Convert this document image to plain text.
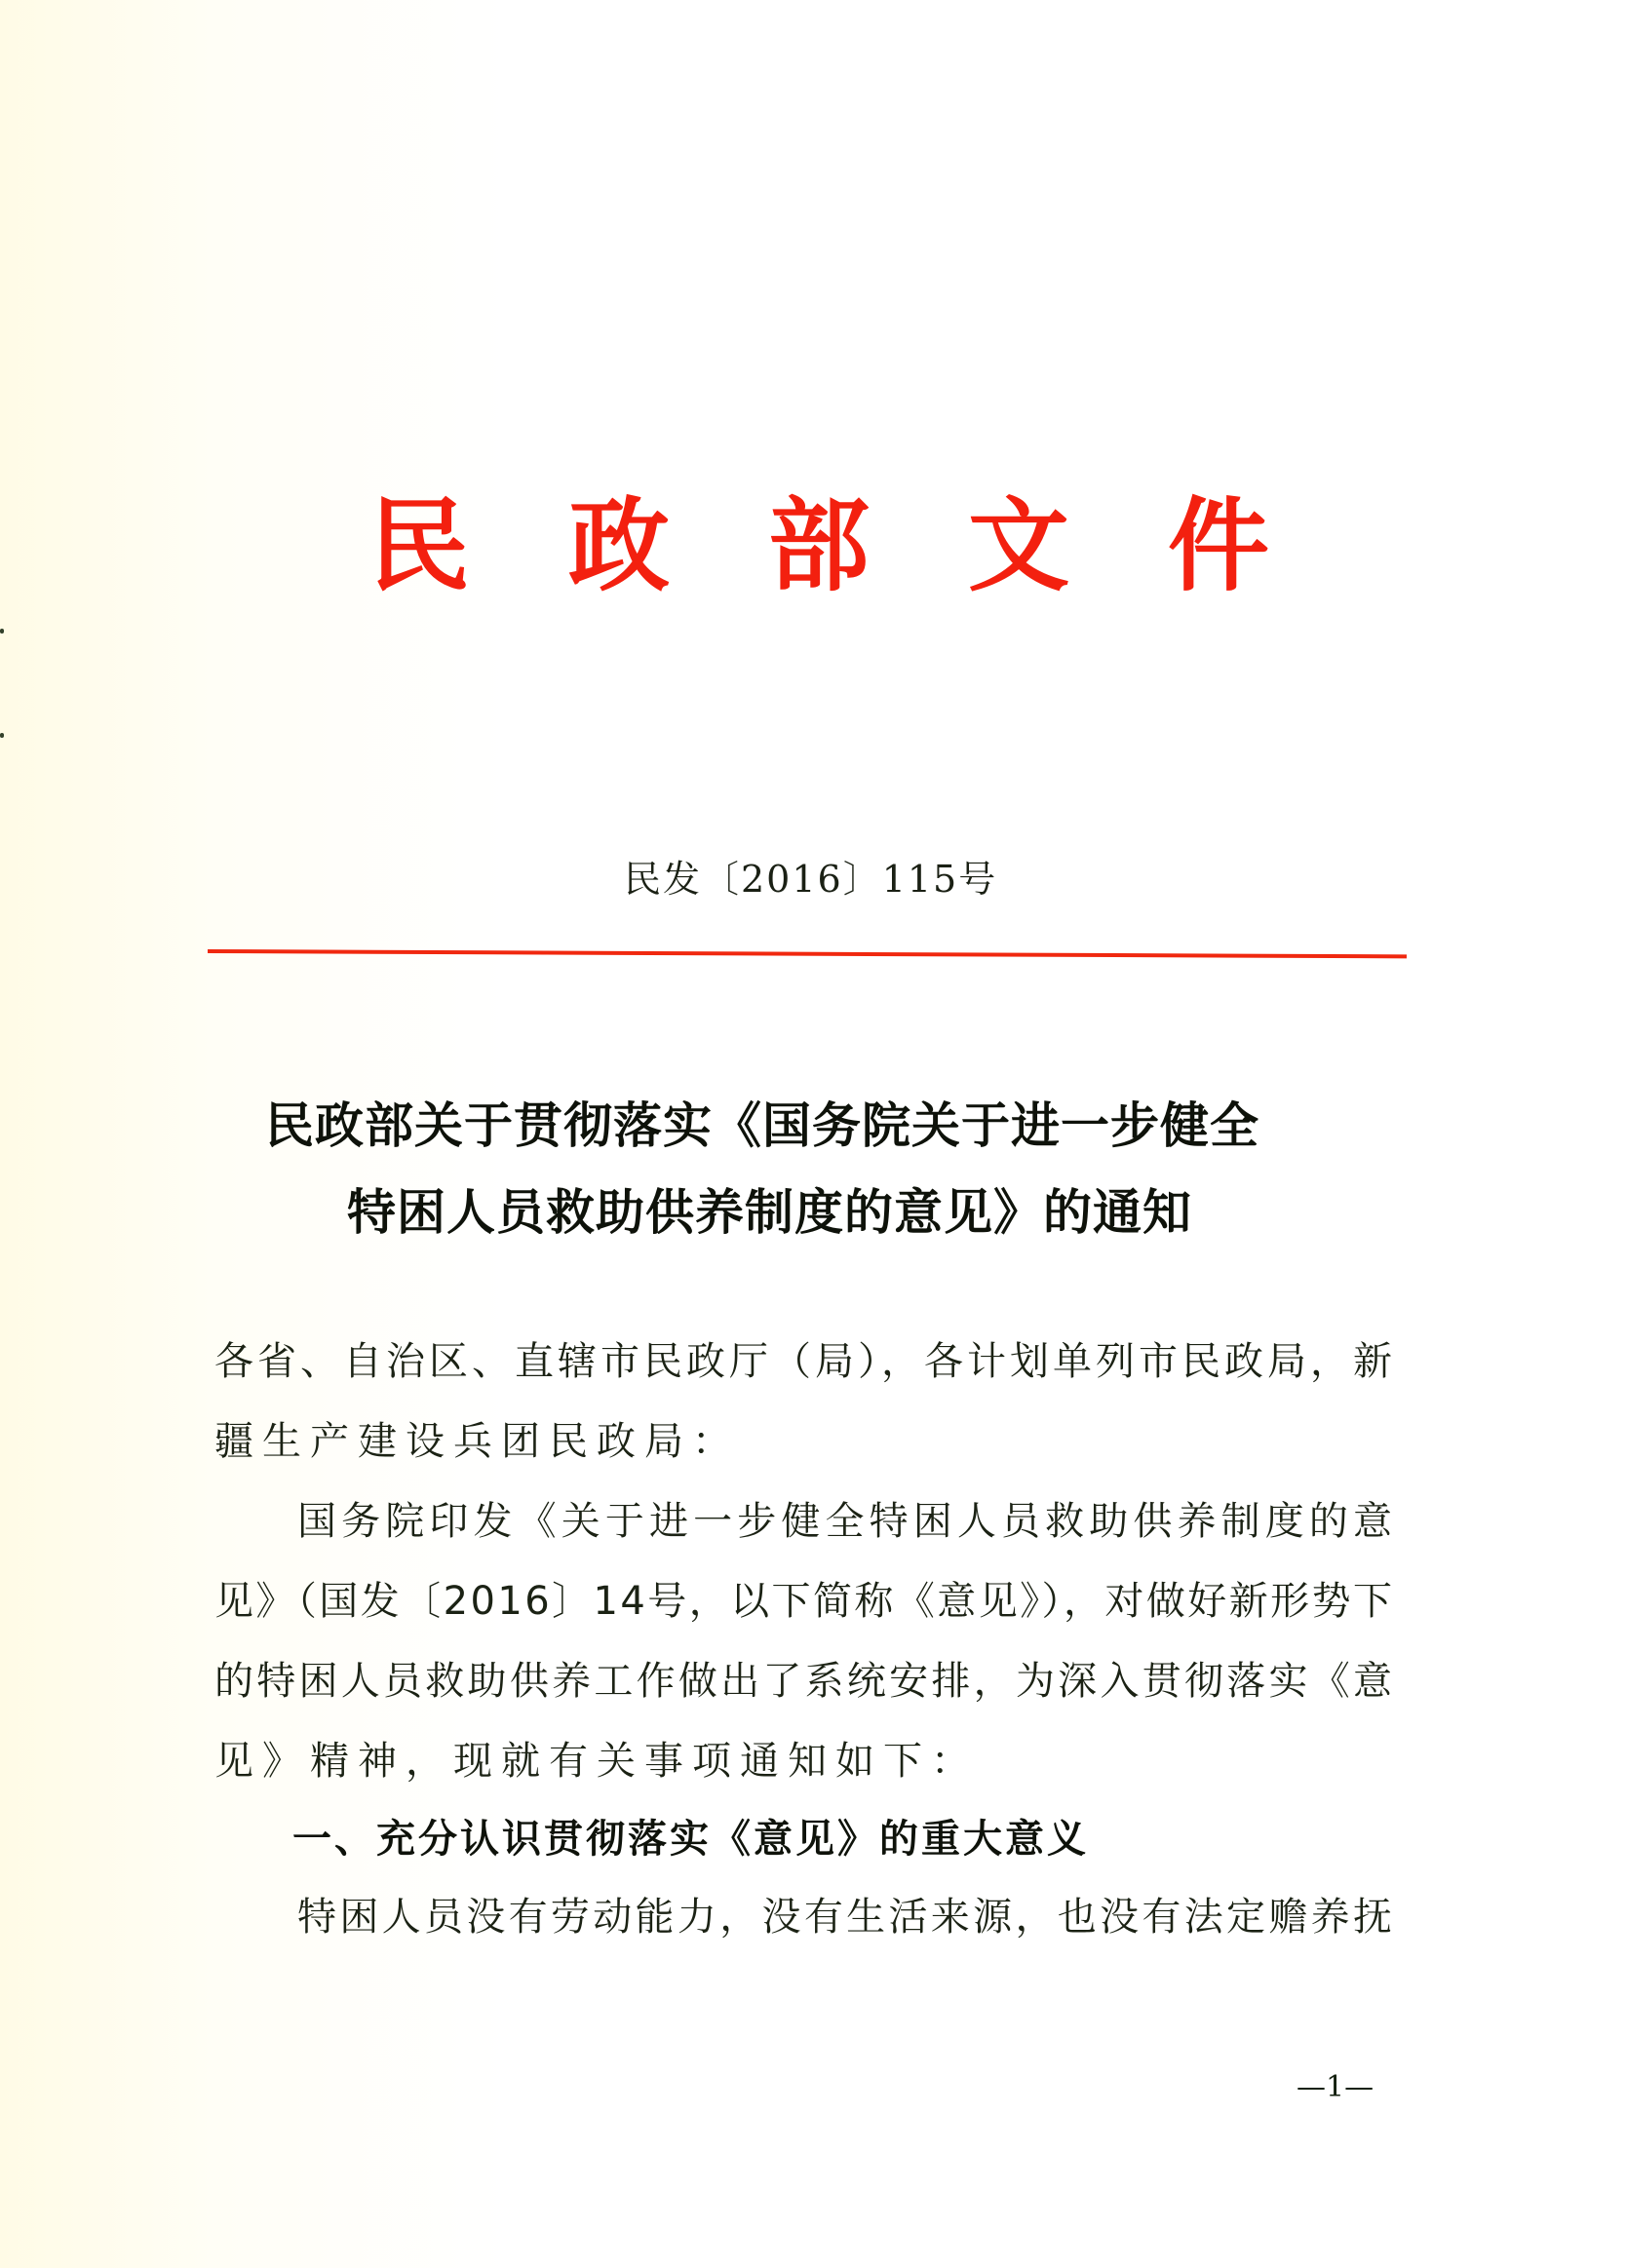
民 政 部 文 件
民发〔2016〕115号
民政部关于贯彻落实《国务院关于进一步健全
特困人员救助供养制度的意见》的通知
各省、自治区、直辖市民政厅（局），各计划单列市民政局，新
疆生产建设兵团民政局：
国务院印发《关于进一步健全特困人员救助供养制度的意
见》（国发〔2016〕14号，以下简称《意见》），对做好新形势下
的特困人员救助供养工作做出了系统安排，为深入贯彻落实《意
见》精神，现就有关事项通知如下：
一、充分认识贯彻落实《意见》的重大意义
特困人员没有劳动能力，没有生活来源，也没有法定赡养抚
—1—
